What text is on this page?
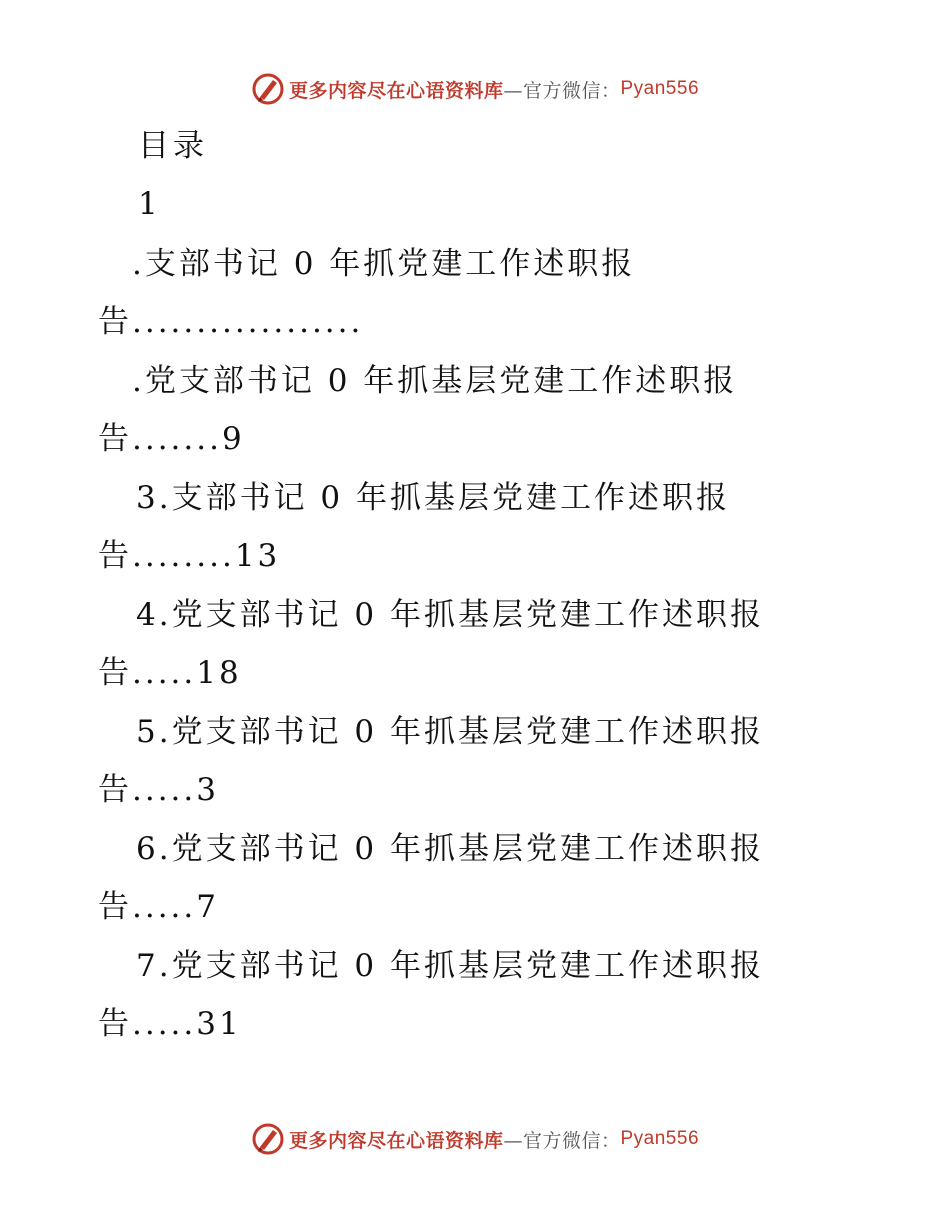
更多内容尽在心语资料库 —官方微信： Pyan556
目录
1
.支部书记 0 年抓党建工作述职报
告..................
.党支部书记 0 年抓基层党建工作述职报
告.......9
3.支部书记 0 年抓基层党建工作述职报
告........13
4.党支部书记 0 年抓基层党建工作述职报
告.....18
5.党支部书记 0 年抓基层党建工作述职报
告.....3
6.党支部书记 0 年抓基层党建工作述职报
告.....7
7.党支部书记 0 年抓基层党建工作述职报
告.....31
更多内容尽在心语资料库 —官方微信： Pyan556
